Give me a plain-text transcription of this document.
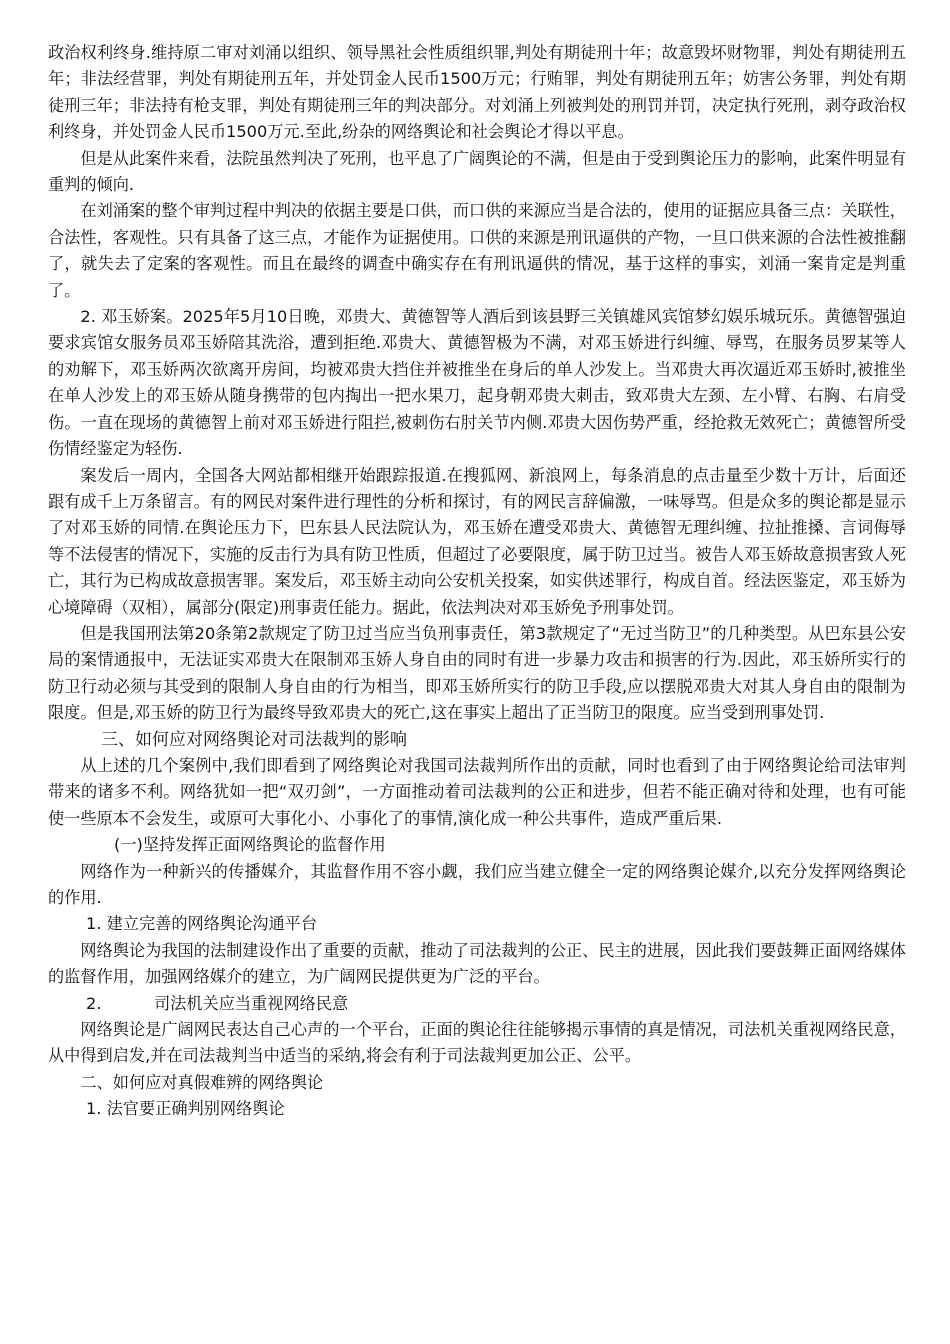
政治权利终身.维持原二审对刘涌以组织、领导黑社会性质组织罪,判处有期徒刑十年；故意毁坏财物罪，判处有期徒刑五年；非法经营罪，判处有期徒刑五年，并处罚金人民币1500万元；行贿罪，判处有期徒刑五年；妨害公务罪，判处有期徒刑三年；非法持有枪支罪，判处有期徒刑三年的判决部分。对刘涌上列被判处的刑罚并罚，决定执行死刑，剥夺政治权利终身，并处罚金人民币1500万元.至此,纷杂的网络舆论和社会舆论才得以平息。

但是从此案件来看，法院虽然判决了死刑，也平息了广阔舆论的不满，但是由于受到舆论压力的影响，此案件明显有重判的倾向.

在刘涌案的整个审判过程中判决的依据主要是口供，而口供的来源应当是合法的，使用的证据应具备三点：关联性，合法性，客观性。只有具备了这三点，才能作为证据使用。口供的来源是刑讯逼供的产物，一旦口供来源的合法性被推翻了，就失去了定案的客观性。而且在最终的调查中确实存在有刑讯逼供的情况，基于这样的事实，刘涌一案肯定是判重了。

2. 邓玉娇案。2025年5月10日晚，邓贵大、黄德智等人酒后到该县野三关镇雄风宾馆梦幻娱乐城玩乐。黄德智强迫要求宾馆女服务员邓玉娇陪其洗浴，遭到拒绝.邓贵大、黄德智极为不满，对邓玉娇进行纠缠、辱骂，在服务员罗某等人的劝解下，邓玉娇两次欲离开房间，均被邓贵大挡住并被推坐在身后的单人沙发上。当邓贵大再次逼近邓玉娇时,被推坐在单人沙发上的邓玉娇从随身携带的包内掏出一把水果刀，起身朝邓贵大刺击，致邓贵大左颈、左小臂、右胸、右肩受伤。一直在现场的黄德智上前对邓玉娇进行阻拦,被刺伤右肘关节内侧.邓贵大因伤势严重，经抢救无效死亡；黄德智所受伤情经鉴定为轻伤.

案发后一周内，全国各大网站都相继开始跟踪报道.在搜狐网、新浪网上，每条消息的点击量至少数十万计，后面还跟有成千上万条留言。有的网民对案件进行理性的分析和探讨，有的网民言辞偏激，一味辱骂。但是众多的舆论都是显示了对邓玉娇的同情.在舆论压力下，巴东县人民法院认为，邓玉娇在遭受邓贵大、黄德智无理纠缠、拉扯推搡、言词侮辱等不法侵害的情况下，实施的反击行为具有防卫性质，但超过了必要限度，属于防卫过当。被告人邓玉娇故意损害致人死亡，其行为已构成故意损害罪。案发后，邓玉娇主动向公安机关投案，如实供述罪行，构成自首。经法医鉴定，邓玉娇为心境障碍（双相），属部分(限定)刑事责任能力。据此，依法判决对邓玉娇免予刑事处罚。

但是我国刑法第20条第2款规定了防卫过当应当负刑事责任，第3款规定了“无过当防卫”的几种类型。从巴东县公安局的案情通报中，无法证实邓贵大在限制邓玉娇人身自由的同时有进一步暴力攻击和损害的行为.因此，邓玉娇所实行的防卫行动必须与其受到的限制人身自由的行为相当，即邓玉娇所实行的防卫手段,应以摆脱邓贵大对其人身自由的限制为限度。但是,邓玉娇的防卫行为最终导致邓贵大的死亡,这在事实上超出了正当防卫的限度。应当受到刑事处罚.

三、如何应对网络舆论对司法裁判的影响

从上述的几个案例中,我们即看到了网络舆论对我国司法裁判所作出的贡献，同时也看到了由于网络舆论给司法审判带来的诸多不利。网络犹如一把“双刃剑”，一方面推动着司法裁判的公正和进步，但若不能正确对待和处理，也有可能使一些原本不会发生，或原可大事化小、小事化了的事情,演化成一种公共事件，造成严重后果.

(一)坚持发挥正面网络舆论的监督作用

网络作为一种新兴的传播媒介，其监督作用不容小觑，我们应当建立健全一定的网络舆论媒介,以充分发挥网络舆论的作用.

1. 建立完善的网络舆论沟通平台

网络舆论为我国的法制建设作出了重要的贡献，推动了司法裁判的公正、民主的进展，因此我们要鼓舞正面网络媒体的监督作用，加强网络媒介的建立，为广阔网民提供更为广泛的平台。

2.	司法机关应当重视网络民意

网络舆论是广阔网民表达自己心声的一个平台，正面的舆论往往能够揭示事情的真是情况，司法机关重视网络民意，从中得到启发,并在司法裁判当中适当的采纳,将会有利于司法裁判更加公正、公平。

二、如何应对真假难辨的网络舆论

1. 法官要正确判别网络舆论
